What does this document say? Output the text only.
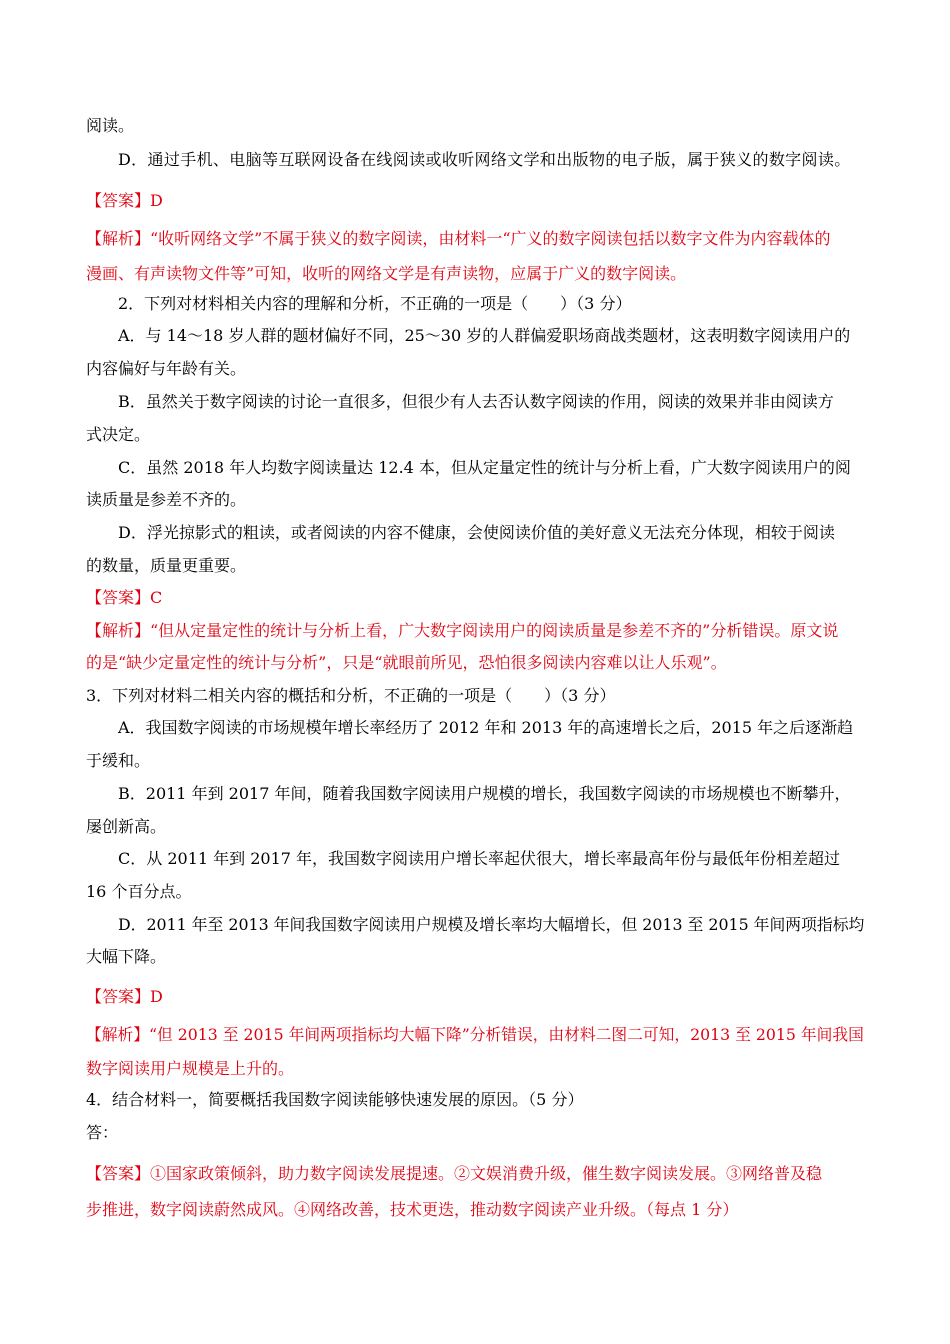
阅读。
D．通过手机、电脑等互联网设备在线阅读或收听网络文学和出版物的电子版，属于狭义的数字阅读。
【答案】D
【解析】“收听网络文学”不属于狭义的数字阅读，由材料一“广义的数字阅读包括以数字文件为内容载体的
漫画、有声读物文件等”可知，收听的网络文学是有声读物，应属于广义的数字阅读。
2．下列对材料相关内容的理解和分析，不正确的一项是（　　）（3 分）
A．与 14～18 岁人群的题材偏好不同，25～30 岁的人群偏爱职场商战类题材，这表明数字阅读用户的
内容偏好与年龄有关。
B．虽然关于数字阅读的讨论一直很多，但很少有人去否认数字阅读的作用，阅读的效果并非由阅读方
式决定。
C．虽然 2018 年人均数字阅读量达 12.4 本，但从定量定性的统计与分析上看，广大数字阅读用户的阅
读质量是参差不齐的。
D．浮光掠影式的粗读，或者阅读的内容不健康，会使阅读价值的美好意义无法充分体现，相较于阅读
的数量，质量更重要。
【答案】C
【解析】“但从定量定性的统计与分析上看，广大数字阅读用户的阅读质量是参差不齐的”分析错误。原文说
的是“缺少定量定性的统计与分析”，只是“就眼前所见，恐怕很多阅读内容难以让人乐观”。
3．下列对材料二相关内容的概括和分析，不正确的一项是（　　）（3 分）
A．我国数字阅读的市场规模年增长率经历了 2012 年和 2013 年的高速增长之后，2015 年之后逐渐趋
于缓和。
B．2011 年到 2017 年间，随着我国数字阅读用户规模的增长，我国数字阅读的市场规模也不断攀升，
屡创新高。
C．从 2011 年到 2017 年，我国数字阅读用户增长率起伏很大，增长率最高年份与最低年份相差超过
16 个百分点。
D．2011 年至 2013 年间我国数字阅读用户规模及增长率均大幅增长，但 2013 至 2015 年间两项指标均
大幅下降。
【答案】D
【解析】“但 2013 至 2015 年间两项指标均大幅下降”分析错误，由材料二图二可知，2013 至 2015 年间我国
数字阅读用户规模是上升的。
4．结合材料一，简要概括我国数字阅读能够快速发展的原因。（5 分）
答：
【答案】①国家政策倾斜，助力数字阅读发展提速。②文娱消费升级，催生数字阅读发展。③网络普及稳
步推进，数字阅读蔚然成风。④网络改善，技术更迭，推动数字阅读产业升级。（每点 1 分）
